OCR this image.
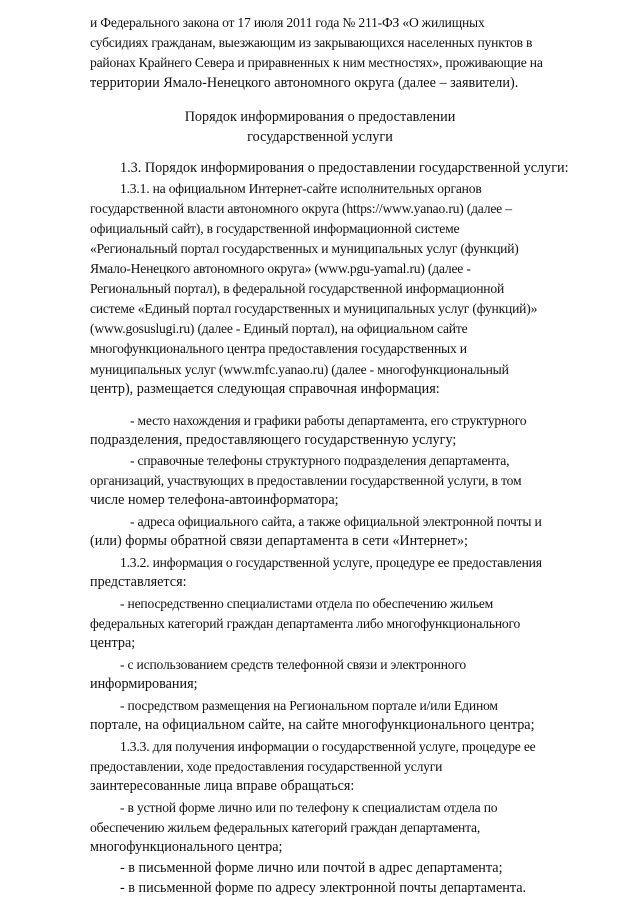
и Федерального закона от 17 июля 2011 года № 211-ФЗ «О жилищных
субсидиях гражданам, выезжающим из закрывающихся населенных пунктов в
районах Крайнего Севера и приравненных к ним местностях», проживающие на
территории Ямало-Ненецкого автономного округа (далее – заявители).
Порядок информирования о предоставлении
государственной услуги
1.3. Порядок информирования о предоставлении государственной услуги:
1.3.1. на официальном Интернет-сайте исполнительных органов
государственной власти автономного округа (https://www.yanao.ru) (далее –
официальный сайт), в государственной информационной системе
«Региональный портал государственных и муниципальных услуг (функций)
Ямало-Ненецкого автономного округа» (www.pgu-yamal.ru) (далее -
Региональный портал), в федеральной государственной информационной
системе «Единый портал государственных и муниципальных услуг (функций)»
(www.gosuslugi.ru) (далее - Единый портал), на официальном сайте
многофункционального центра предоставления государственных и
муниципальных услуг (www.mfc.yanao.ru) (далее - многофункциональный
центр), размещается следующая справочная информация:
- место нахождения и графики работы департамента, его структурного
подразделения, предоставляющего государственную услугу;
- справочные телефоны структурного подразделения департамента,
организаций, участвующих в предоставлении государственной услуги, в том
числе номер телефона-автоинформатора;
- адреса официального сайта, а также официальной электронной почты и
(или) формы обратной связи департамента в сети «Интернет»;
1.3.2. информация о государственной услуге, процедуре ее предоставления
представляется:
- непосредственно специалистами отдела по обеспечению жильем
федеральных категорий граждан департамента либо многофункционального
центра;
- с использованием средств телефонной связи и электронного
информирования;
- посредством размещения на Региональном портале и/или Едином
портале, на официальном сайте, на сайте многофункционального центра;
1.3.3. для получения информации о государственной услуге, процедуре ее
предоставлении, ходе предоставления государственной услуги
заинтересованные лица вправе обращаться:
- в устной форме лично или по телефону к специалистам отдела по
обеспечению жильем федеральных категорий граждан департамента,
многофункционального центра;
- в письменной форме лично или почтой в адрес департамента;
- в письменной форме по адресу электронной почты департамента.
